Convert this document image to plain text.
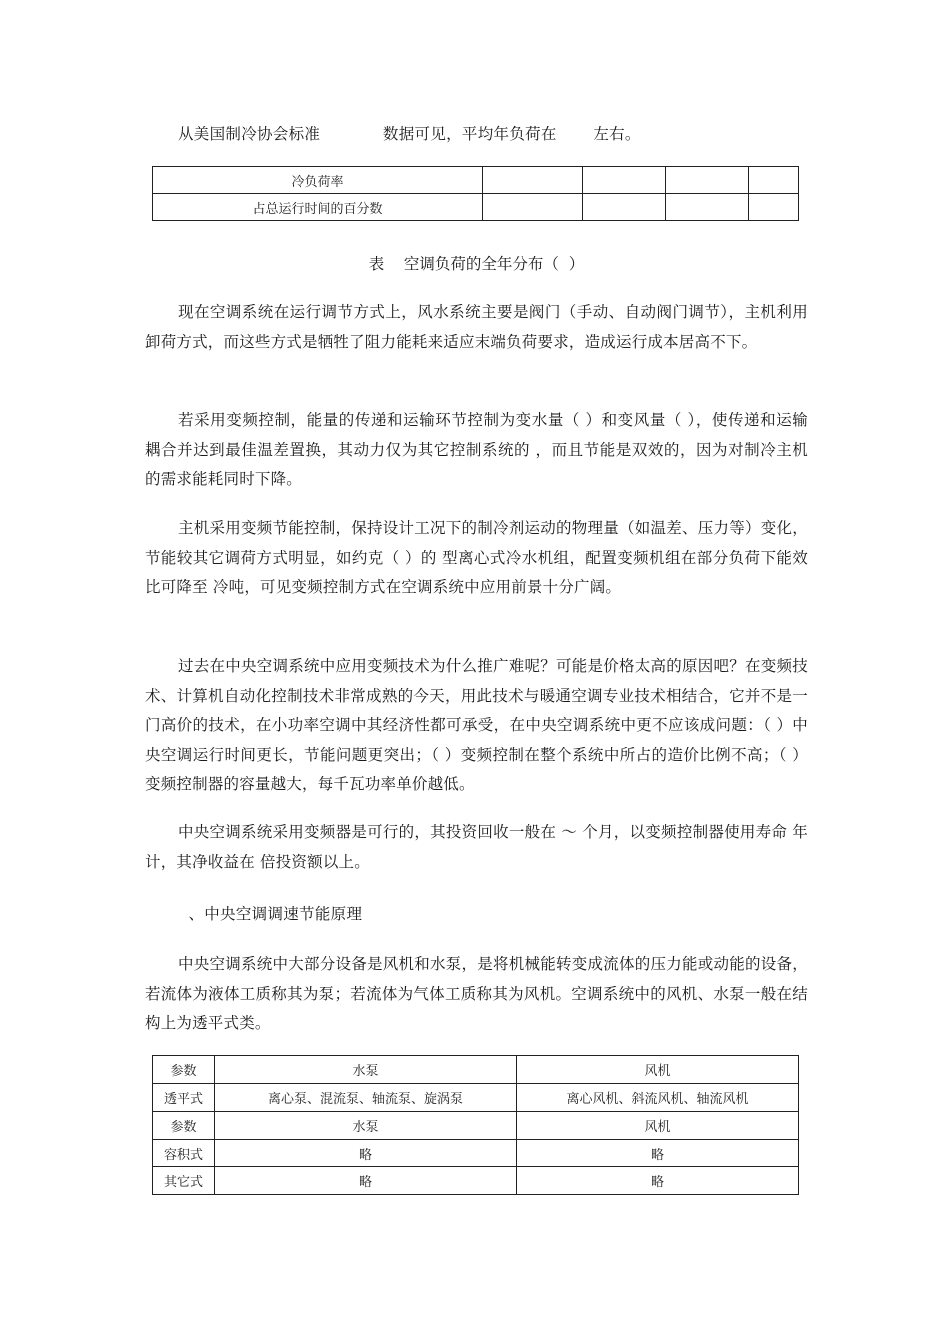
从美国制冷协会标准            数据可见，平均年负荷在       左右。
冷负荷率				
占总运行时间的百分数				
表    空调负荷的全年分布（  ）
现在空调系统在运行调节方式上，风水系统主要是阀门（手动、自动阀门调节），主机利用卸荷方式，而这些方式是牺牲了阻力能耗来适应末端负荷要求，造成运行成本居高不下。
若采用变频控制，能量的传递和运输环节控制为变水量（ ）和变风量（ ），使传递和运输耦合并达到最佳温差置换，其动力仅为其它控制系统的 ，而且节能是双效的，因为对制冷主机的需求能耗同时下降。
主机采用变频节能控制，保持设计工况下的制冷剂运动的物理量（如温差、压力等）变化，节能较其它调荷方式明显，如约克（ ）的 型离心式冷水机组，配置变频机组在部分负荷下能效比可降至 冷吨，可见变频控制方式在空调系统中应用前景十分广阔。
过去在中央空调系统中应用变频技术为什么推广难呢？可能是价格太高的原因吧？在变频技术、计算机自动化控制技术非常成熟的今天，用此技术与暖通空调专业技术相结合，它并不是一门高价的技术，在小功率空调中其经济性都可承受，在中央空调系统中更不应该成问题：（ ）中央空调运行时间更长，节能问题更突出；（ ）变频控制在整个系统中所占的造价比例不高；（ ）变频控制器的容量越大，每千瓦功率单价越低。
中央空调系统采用变频器是可行的，其投资回收一般在 ～ 个月，以变频控制器使用寿命 年计，其净收益在 倍投资额以上。
、中央空调调速节能原理
中央空调系统中大部分设备是风机和水泵，是将机械能转变成流体的压力能或动能的设备，若流体为液体工质称其为泵；若流体为气体工质称其为风机。空调系统中的风机、水泵一般在结构上为透平式类。
参数	水泵	风机
透平式	离心泵、混流泵、轴流泵、旋涡泵	离心风机、斜流风机、轴流风机
参数	水泵	风机
容积式	略	略
其它式	略	略
